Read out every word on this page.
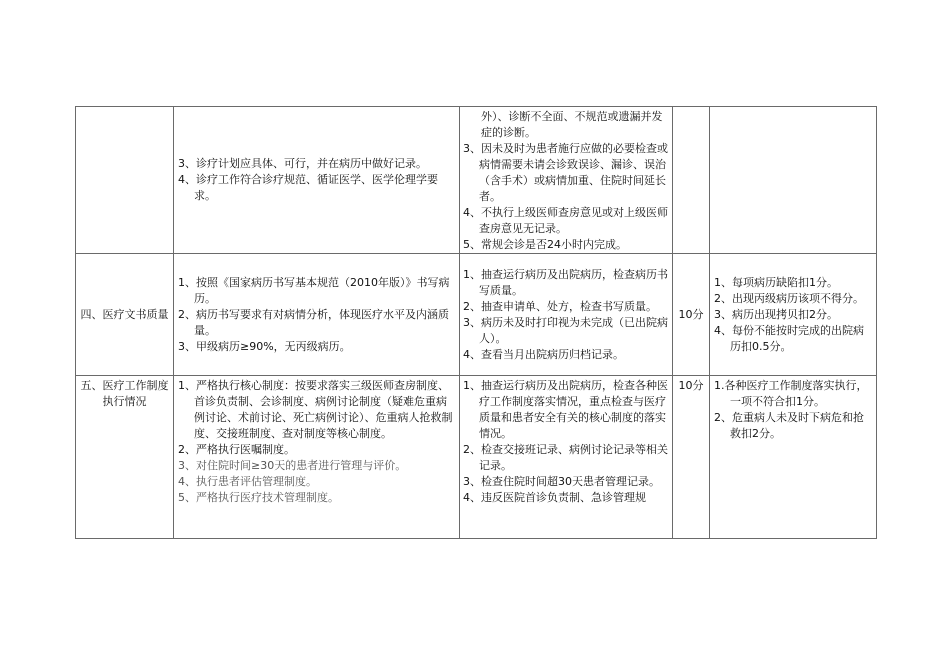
	3、诊疗计划应具体、可行，并在病历中做好记录。
4、诊疗工作符合诊疗规范、循证医学、医学伦理学要求。	外）、诊断不全面、不规范或遗漏并发症的诊断。
3、因未及时为患者施行应做的必要检查或病情需要未请会诊致误诊、漏诊、误治（含手术）或病情加重、住院时间延长者。
4、不执行上级医师查房意见或对上级医师查房意见无记录。
5、常规会诊是否24小时内完成。		

四、医疗文书质量	1、按照《国家病历书写基本规范（2010年版）》书写病历。
2、病历书写要求有对病情分析，体现医疗水平及内涵质量。
3、甲级病历≥90%，无丙级病历。	1、抽查运行病历及出院病历，检查病历书写质量。
2、抽查申请单、处方，检查书写质量。
3、病历未及时打印视为未完成（已出院病人）。
4、查看当月出院病历归档记录。	10分	1、每项病历缺陷扣1分。
2、出现丙级病历该项不得分。
3、病历出现拷贝扣2分。
4、每份不能按时完成的出院病历扣0.5分。

五、医疗工作制度执行情况	1、严格执行核心制度：按要求落实三级医师查房制度、首诊负责制、会诊制度、病例讨论制度（疑难危重病例讨论、术前讨论、死亡病例讨论）、危重病人抢救制度、交接班制度、查对制度等核心制度。
2、严格执行医嘱制度。
3、对住院时间≥30天的患者进行管理与评价。
4、执行患者评估管理制度。
5、严格执行医疗技术管理制度。	1、抽查运行病历及出院病历，检查各种医疗工作制度落实情况，重点检查与医疗质量和患者安全有关的核心制度的落实情况。
2、检查交接班记录、病例讨论记录等相关记录。
3、检查住院时间超30天患者管理记录。
4、违反医院首诊负责制、急诊管理规	10分	1.各种医疗工作制度落实执行，一项不符合扣1分。
2、危重病人未及时下病危和抢救扣2分。
